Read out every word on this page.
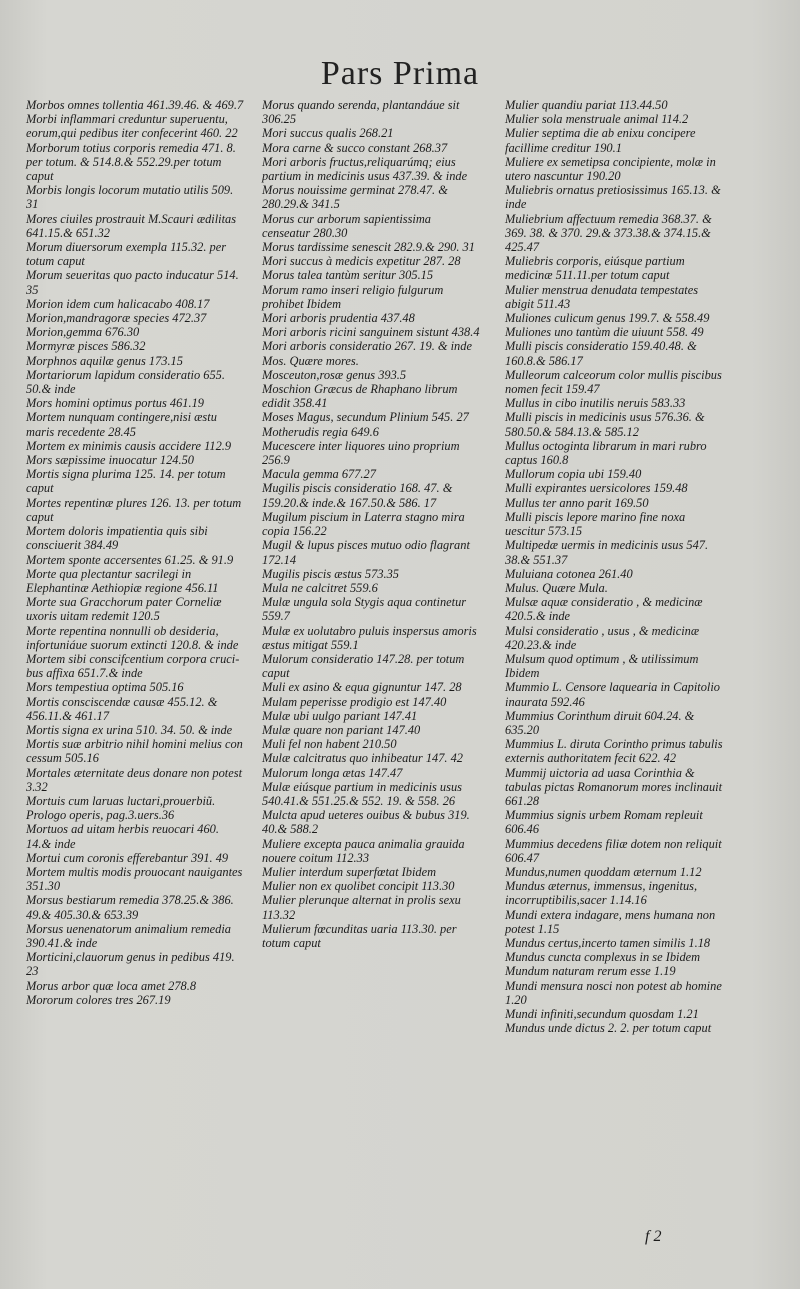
Pars Prima

Morbos omnes tollentia 461.39.46. & 469.7

Morbi inflammari creduntur superuentu, eorum,qui pedibus iter confecerint 460. 22

Morborum totius corporis remedia 471. 8. per totum. & 514.8.& 552.29.per totum caput

Morbis longis locorum mutatio utilis 509. 31

Mores ciuiles prostrauit M.Scauri ædilitas 641.15.& 651.32

Morum diuersorum exempla 115.32. per totum caput

Morum seueritas quo pacto inducatur 514. 35

Morion idem cum halicacabo 408.17

Morion,mandragoræ species 472.37

Morion,gemma 676.30

Mormyræ pisces 586.32

Morphnos aquilæ genus 173.15

Mortariorum lapidum consideratio 655. 50.& inde

Mors homini optimus portus 461.19

Mortem nunquam contingere,nisi æstu maris recedente 28.45

Mortem ex minimis causis accidere 112.9

Mors sæpissime inuocatur 124.50

Mortis signa plurima 125. 14. per totum caput

Mortes repentinæ plures 126. 13. per totum caput

Mortem doloris impatientia quis sibi consciuerit 384.49

Mortem sponte accersentes 61.25. & 91.9

Morte qua plectantur sacrilegi in Elephantinæ Aethiopiæ regione 456.11

Morte sua Gracchorum pater Corneliæ uxoris uitam redemit 120.5

Morte repentina nonnulli ob desideria, infortuniáue suorum extincti 120.8. & inde

Mortem sibi conscifcentium corpora cruci- bus affixa 651.7.& inde

Mors tempestiua optima 505.16

Mortis consciscendæ causæ 455.12. & 456.11.& 461.17

Mortis signa ex urina 510. 34. 50. & inde

Mortis suæ arbitrio nihil homini melius con cessum 505.16

Mortales æternitate deus donare non potest 3.32

Mortuis cum laruas luctari,prouerbiũ. Prologo operis, pag.3.uers.36

Mortuos ad uitam herbis reuocari 460. 14.& inde

Mortui cum coronis efferebantur 391. 49

Mortem multis modis prouocant nauigantes 351.30

Morsus bestiarum remedia 378.25.& 386. 49.& 405.30.& 653.39

Morsus uenenatorum animalium remedia 390.41.& inde

Morticini,clauorum genus in pedibus 419. 23

Morus arbor quæ loca amet 278.8

Mororum colores tres 267.19

Morus quando serenda, plantandáue sit 306.25

Mori succus qualis 268.21

Mora carne & succo constant 268.37

Mori arboris fructus,reliquarúmq; eius partium in medicinis usus 437.39. & inde

Morus nouissime germinat 278.47. & 280.29.& 341.5

Morus cur arborum sapientissima censeatur 280.30

Morus tardissime senescit 282.9.& 290. 31

Mori succus à medicis expetitur 287. 28

Morus talea tantùm seritur 305.15

Morum ramo inseri religio fulgurum prohibet Ibidem

Mori arboris prudentia 437.48

Mori arboris ricini sanguinem sistunt 438.4

Mori arboris consideratio 267. 19. & inde

Mos. Quære mores.

Mosceuton,rosæ genus 393.5

Moschion Græcus de Rhaphano librum edidit 358.41

Moses Magus, secundum Plinium 545. 27

Motherudis regia 649.6

Mucescere inter liquores uino proprium 256.9

Macula gemma 677.27

Mugilis piscis consideratio 168. 47. & 159.20.& inde.& 167.50.& 586. 17

Mugilum piscium in Laterra stagno mira copia 156.22

Mugil & lupus pisces mutuo odio flagrant 172.14

Mugilis piscis æstus 573.35

Mula ne calcitret 559.6

Mulæ ungula sola Stygis aqua continetur 559.7

Mulæ ex uolutabro puluis inspersus amoris æstus mitigat 559.1

Mulorum consideratio 147.28. per totum caput

Muli ex asino & equa gignuntur 147. 28

Mulam peperisse prodigio est 147.40

Mulæ ubi uulgo pariant 147.41

Mulæ quare non pariant 147.40

Muli fel non habent 210.50

Mulæ calcitratus quo inhibeatur 147. 42

Mulorum longa ætas 147.47

Mulæ eiúsque partium in medicinis usus 540.41.& 551.25.& 552. 19. & 558. 26

Mulcta apud ueteres ouibus & bubus 319. 40.& 588.2

Muliere excepta pauca animalia grauida nouere coitum 112.33

Mulier interdum superfœtat Ibidem

Mulier non ex quolibet concipit 113.30

Mulier plerunque alternat in prolis sexu 113.32

Mulierum fœcunditas uaria 113.30. per totum caput

Mulier quandiu pariat 113.44.50

Mulier sola menstruale animal 114.2

Mulier septima die ab enixu concipere facillime creditur 190.1

Muliere ex semetipsa concipiente, molæ in utero nascuntur 190.20

Muliebris ornatus pretiosissimus 165.13. & inde

Muliebrium affectuum remedia 368.37. & 369. 38. & 370. 29.& 373.38.& 374.15.& 425.47

Muliebris corporis, eiúsque partium medicinæ 511.11.per totum caput

Mulier menstrua denudata tempestates abigit 511.43

Muliones culicum genus 199.7. & 558.49

Muliones uno tantùm die uiuunt 558. 49

Mulli piscis consideratio 159.40.48. & 160.8.& 586.17

Mulleorum calceorum color mullis piscibus nomen fecit 159.47

Mullus in cibo inutilis neruis 583.33

Mulli piscis in medicinis usus 576.36. & 580.50.& 584.13.& 585.12

Mullus octoginta librarum in mari rubro captus 160.8

Mullorum copia ubi 159.40

Mulli expirantes uersicolores 159.48

Mullus ter anno parit 169.50

Mulli piscis lepore marino fine noxa uescitur 573.15

Multipedæ uermis in medicinis usus 547. 38.& 551.37

Muluiana cotonea 261.40

Mulus. Quære Mula.

Mulsæ aquæ consideratio , & medicinæ 420.5.& inde

Mulsi consideratio , usus , & medicinæ 420.23.& inde

Mulsum quod optimum , & utilissimum Ibidem

Mummio L. Censore laquearia in Capitolio inaurata 592.46

Mummius Corinthum diruit 604.24. & 635.20

Mummius L. diruta Corintho primus tabulis externis authoritatem fecit 622. 42

Mummij uictoria ad uasa Corinthia & tabulas pictas Romanorum mores inclinauit 661.28

Mummius signis urbem Romam repleuit 606.46

Mummius decedens filiæ dotem non reliquit 606.47

Mundus,numen quoddam æternum 1.12

Mundus æternus, immensus, ingenitus, incorruptibilis,sacer 1.14.16

Mundi extera indagare, mens humana non potest 1.15

Mundus certus,incerto tamen similis 1.18

Mundus cuncta complexus in se Ibidem

Mundum naturam rerum esse 1.19

Mundi mensura nosci non potest ab homine 1.20

Mundi infiniti,secundum quosdam 1.21

Mundus unde dictus 2. 2. per totum caput

f 2
